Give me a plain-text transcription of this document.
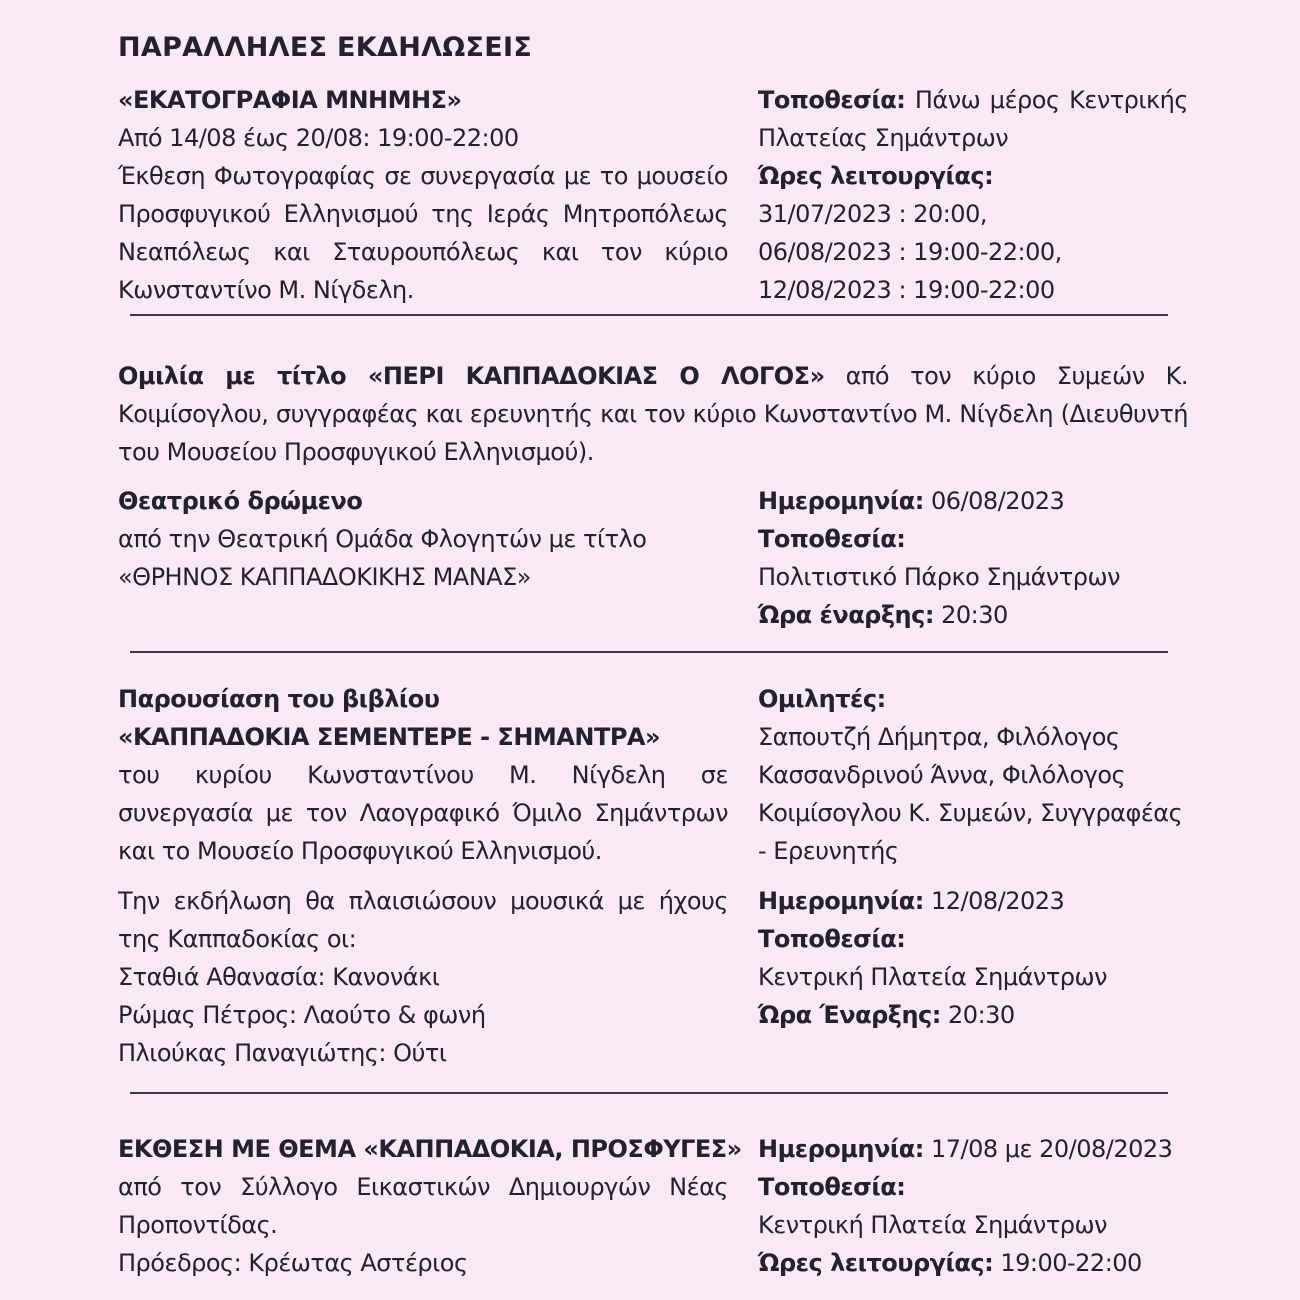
ΠΑΡΑΛΛΗΛΕΣ ΕΚΔΗΛΩΣΕΙΣ

«ΕΚΑΤΟΓΡΑΦΙΑ ΜΝΗΜΗΣ»

Από 14/08 έως 20/08: 19:00-22:00

Έκθεση Φωτογραφίας σε συνεργασία με το μουσείο Προσφυγικού Ελληνισμού της Ιεράς Μητροπόλεως Νεαπόλεως και Σταυρουπόλεως και τον κύριο Κωνσταντίνο Μ. Νίγδελη.

Τοποθεσία: Πάνω μέρος Κεντρικής Πλατείας Σημάντρων

Ώρες λειτουργίας:

31/07/2023 : 20:00,

06/08/2023 : 19:00-22:00,

12/08/2023 : 19:00-22:00

Ομιλία με τίτλο «ΠΕΡΙ ΚΑΠΠΑΔΟΚΙΑΣ Ο ΛΟΓΟΣ» από τον κύριο Συμεών Κ. Κοιμίσογλου, συγγραφέας και ερευνητής και τον κύριο Κωνσταντίνο Μ. Νίγδελη (Διευθυντή του Μουσείου Προσφυγικού Ελληνισμού).

Θεατρικό δρώμενο

από την Θεατρική Ομάδα Φλογητών με τίτλο

«ΘΡΗΝΟΣ ΚΑΠΠΑΔΟΚΙΚΗΣ ΜΑΝΑΣ»

Ημερομηνία: 06/08/2023

Τοποθεσία:

Πολιτιστικό Πάρκο Σημάντρων

Ώρα έναρξης: 20:30

Παρουσίαση του βιβλίου

«ΚΑΠΠΑΔΟΚΙΑ ΣΕΜΕΝΤΕΡΕ - ΣΗΜΑΝΤΡΑ»

του κυρίου Κωνσταντίνου Μ. Νίγδελη σε συνεργασία με τον Λαογραφικό Όμιλο Σημάντρων και το Μουσείο Προσφυγικού Ελληνισμού.

Την εκδήλωση θα πλαισιώσουν μουσικά με ήχους της Καππαδοκίας οι:

Σταθιά Αθανασία: Κανονάκι

Ρώμας Πέτρος: Λαούτο & φωνή

Πλιούκας Παναγιώτης: Ούτι

Ομιλητές:

Σαπουτζή Δήμητρα, Φιλόλογος

Κασσανδρινού Άννα, Φιλόλογος

Κοιμίσογλου Κ. Συμεών, Συγγραφέας - Ερευνητής

Ημερομηνία: 12/08/2023

Τοποθεσία:

Κεντρική Πλατεία Σημάντρων

Ώρα Έναρξης: 20:30

ΕΚΘΕΣΗ ΜΕ ΘΕΜΑ «ΚΑΠΠΑΔΟΚΙΑ, ΠΡΟΣΦΥΓΕΣ»

από τον Σύλλογο Εικαστικών Δημιουργών Νέας Προποντίδας.

Πρόεδρος: Κρέωτας Αστέριος

Ημερομηνία: 17/08 με 20/08/2023

Τοποθεσία:

Κεντρική Πλατεία Σημάντρων

Ώρες λειτουργίας: 19:00-22:00
